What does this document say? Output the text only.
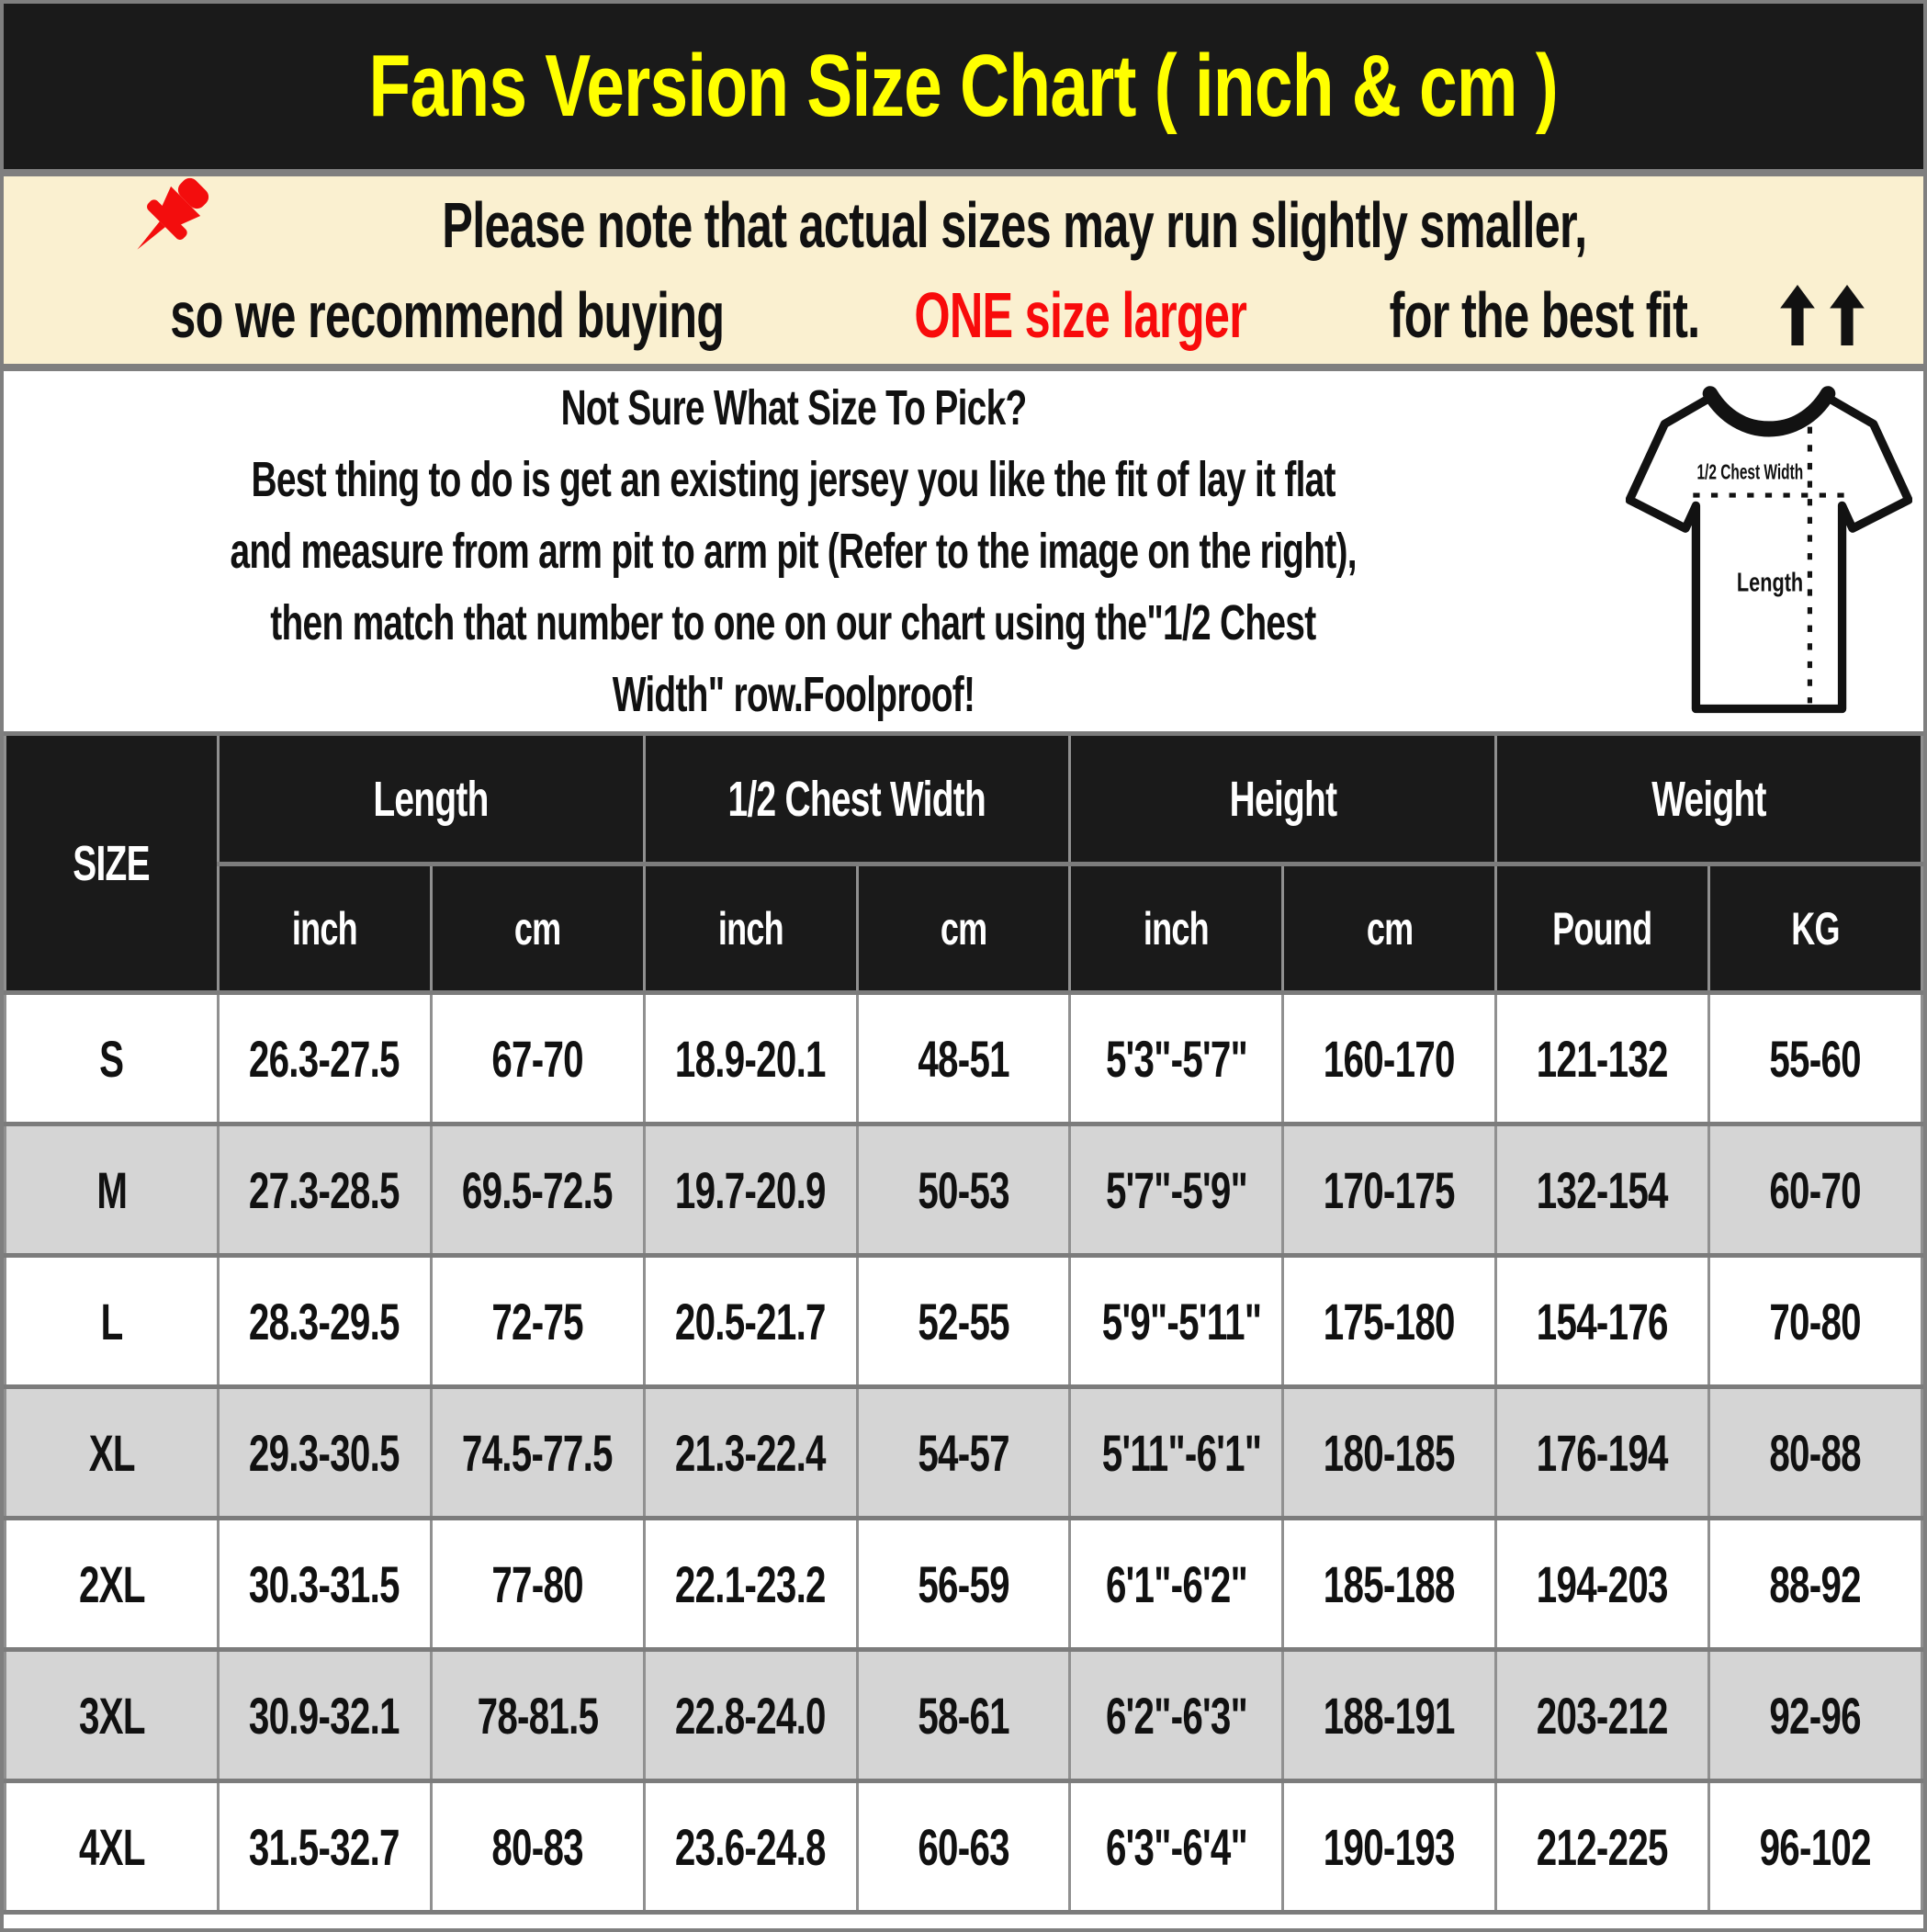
Fans Version Size Chart ( inch & cm )
Please note that actual sizes may run slightly smaller,
so we recommend buying
	ONE size larger
for the best fit.
Not Sure What Size To Pick?
Best thing to do is get an existing jersey you like the fit of lay it flat
and measure from arm pit to arm pit (Refer to the image on the right),
then match that number to one on our chart using the"1/2 Chest
Width" row.Foolproof!
1/2 Chest Width
Length
SIZE	Length		1/2 Chest Width		Height		Weight	
	inch	cm	inch	cm	inch	cm	Pound	KG
S	26.3-27.5	67-70	18.9-20.1	48-51	5'3"-5'7"	160-170	121-132	55-60
M	27.3-28.5	69.5-72.5	19.7-20.9	50-53	5'7"-5'9"	170-175	132-154	60-70
L	28.3-29.5	72-75	20.5-21.7	52-55	5'9"-5'11"	175-180	154-176	70-80
XL	29.3-30.5	74.5-77.5	21.3-22.4	54-57	5'11"-6'1"	180-185	176-194	80-88
2XL	30.3-31.5	77-80	22.1-23.2	56-59	6'1"-6'2"	185-188	194-203	88-92
3XL	30.9-32.1	78-81.5	22.8-24.0	58-61	6'2"-6'3"	188-191	203-212	92-96
4XL	31.5-32.7	80-83	23.6-24.8	60-63	6'3"-6'4"	190-193	212-225	96-102
